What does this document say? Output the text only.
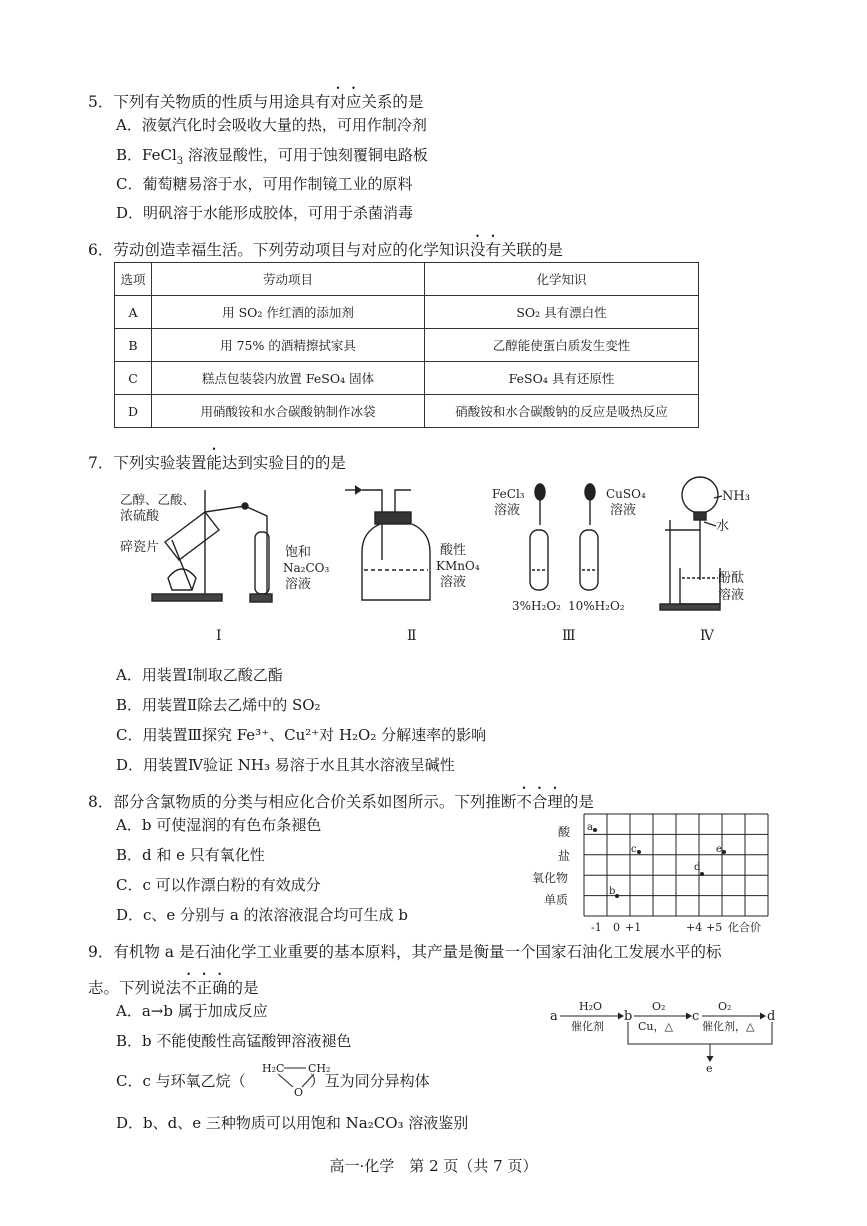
5．下列有关物质的性质与用途具有对应关系的是
A．液氨汽化时会吸收大量的热，可用作制冷剂
B．FeCl$_3$ 溶液显酸性，可用于蚀刻覆铜电路板
C．葡萄糖易溶于水，可用作制镜工业的原料
D．明矾溶于水能形成胶体，可用于杀菌消毒
6．劳动创造幸福生活。下列劳动项目与对应的化学知识没有关联的是
选项	劳动项目	化学知识
A	用 SO₂ 作红酒的添加剂	SO₂ 具有漂白性
B	用 75% 的酒精擦拭家具	乙醇能使蛋白质发生变性
C	糕点包装袋内放置 FeSO₄ 固体	FeSO₄ 具有还原性
D	用硝酸铵和水合碳酸钠制作冰袋	硝酸铵和水合碳酸钠的反应是吸热反应
7．下列实验装置能达到实验目的的是
乙醇、乙酸、
浓硫酸
碎瓷片	饱和
Na₂CO₃
溶液
酸性
KMnO₄
溶液
FeCl₃
溶液
CuSO₄
溶液
3%H₂O₂ 10%H₂O₂
NH₃
水
酚酞
溶液
Ⅰ	Ⅱ	Ⅲ	Ⅳ
A．用装置Ⅰ制取乙酸乙酯
B．用装置Ⅱ除去乙烯中的 SO₂
C．用装置Ⅲ探究 Fe³⁺、Cu²⁺对 H₂O₂ 分解速率的影响
D．用装置Ⅳ验证 NH₃ 易溶于水且其水溶液呈碱性
8．部分含氯物质的分类与相应化合价关系如图所示。下列推断不合理的是
A．b 可使湿润的有色布条褪色
B．d 和 e 只有氧化性
C．c 可以作漂白粉的有效成分
D．c、e 分别与 a 的浓溶液混合均可生成 b
酸
盐
氧化物
单质
-1 0 +1	+4 +5 化合价
a
b
c
d
e
9．有机物 a 是石油化学工业重要的基本原料，其产量是衡量一个国家石油化工发展水平的标
志。下列说法不正确的是
A．a→b 属于加成反应
B．b 不能使酸性高锰酸钾溶液褪色
C．c 与环氧乙烷（	）互为同分异构体
H₂C CH₂
O
D．b、d、e 三种物质可以用饱和 Na₂CO₃ 溶液鉴别
a
H₂O
催化剂
b
O₂
Cu，△
c
O₂
催化剂，△
d
e
高一·化学　第 2 页（共 7 页）
